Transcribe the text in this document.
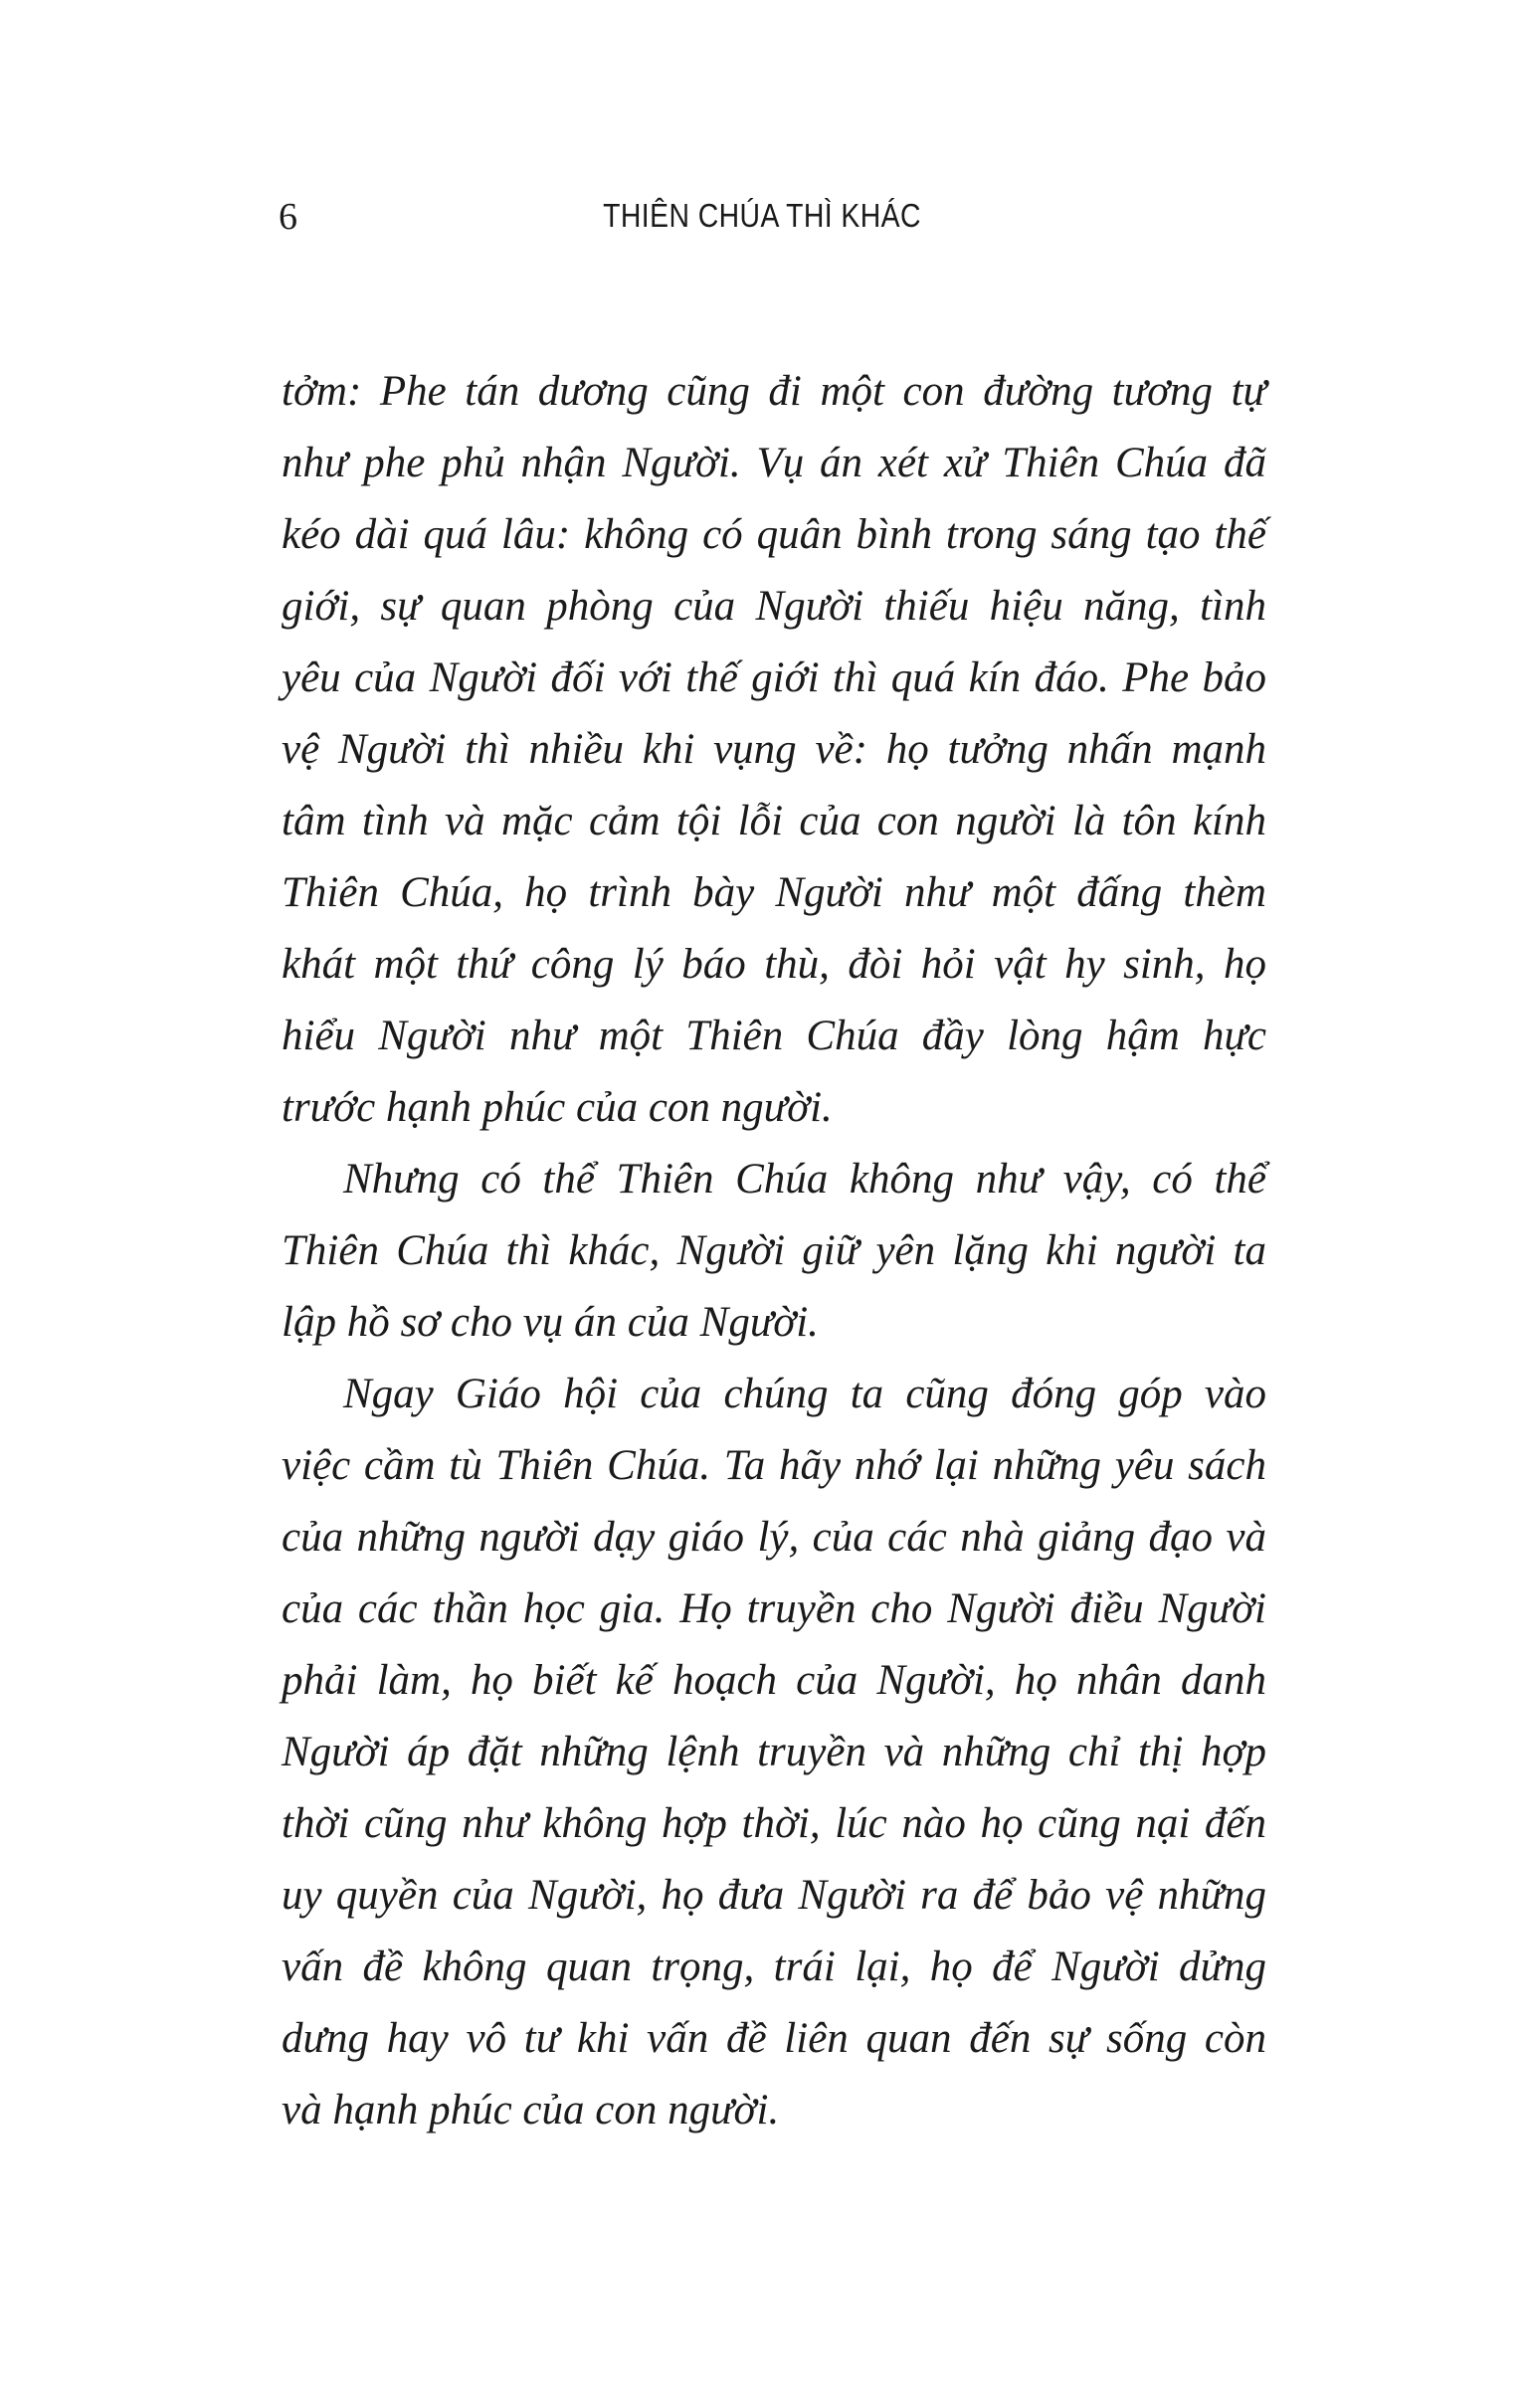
6	THIÊN CHÚA THÌ KHÁC

tởm: Phe tán dương cũng đi một con đường tương tự
như phe phủ nhận Người. Vụ án xét xử Thiên Chúa đã
kéo dài quá lâu: không có quân bình trong sáng tạo thế
giới, sự quan phòng của Người thiếu hiệu năng, tình
yêu của Người đối với thế giới thì quá kín đáo. Phe bảo
vệ Người thì nhiều khi vụng về: họ tưởng nhấn mạnh
tâm tình và mặc cảm tội lỗi của con người là tôn kính
Thiên Chúa, họ trình bày Người như một đấng thèm
khát một thứ công lý báo thù, đòi hỏi vật hy sinh, họ
hiểu Người như một Thiên Chúa đầy lòng hậm hực
trước hạnh phúc của con người.

Nhưng có thể Thiên Chúa không như vậy, có thể
Thiên Chúa thì khác, Người giữ yên lặng khi người ta
lập hồ sơ cho vụ án của Người.

Ngay Giáo hội của chúng ta cũng đóng góp vào
việc cầm tù Thiên Chúa. Ta hãy nhớ lại những yêu sách
của những người dạy giáo lý, của các nhà giảng đạo và
của các thần học gia. Họ truyền cho Người điều Người
phải làm, họ biết kế hoạch của Người, họ nhân danh
Người áp đặt những lệnh truyền và những chỉ thị hợp
thời cũng như không hợp thời, lúc nào họ cũng nại đến
uy quyền của Người, họ đưa Người ra để bảo vệ những
vấn đề không quan trọng, trái lại, họ để Người dửng
dưng hay vô tư khi vấn đề liên quan đến sự sống còn
và hạnh phúc của con người.
